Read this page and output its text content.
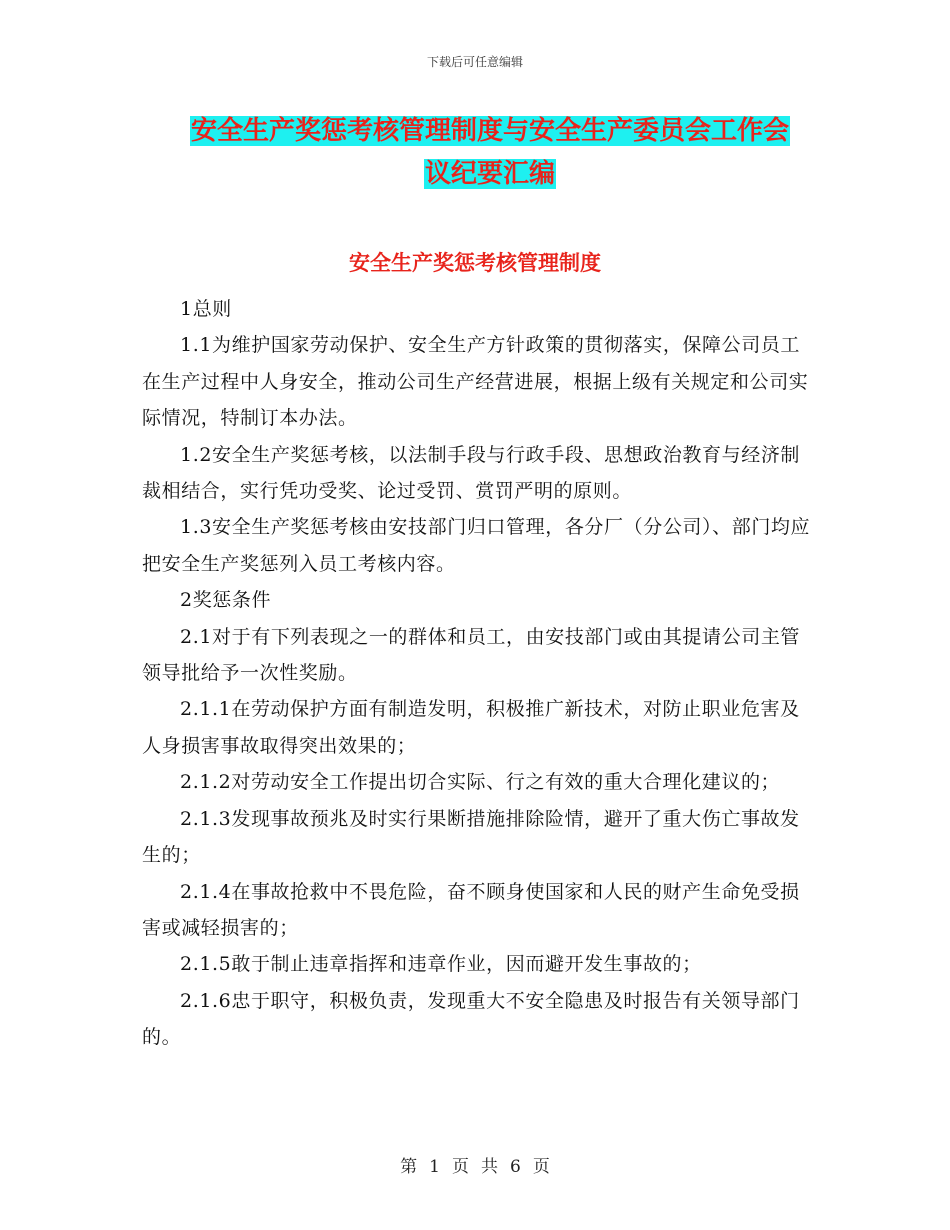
下载后可任意编辑
安全生产奖惩考核管理制度与安全生产委员会工作会
议纪要汇编
安全生产奖惩考核管理制度

1总则

1.1为维护国家劳动保护、安全生产方针政策的贯彻落实，保障公司员工在生产过程中人身安全，推动公司生产经营进展，根据上级有关规定和公司实际情况，特制订本办法。

1.2安全生产奖惩考核，以法制手段与行政手段、思想政治教育与经济制裁相结合，实行凭功受奖、论过受罚、赏罚严明的原则。

1.3安全生产奖惩考核由安技部门归口管理，各分厂（分公司）、部门均应把安全生产奖惩列入员工考核内容。

2奖惩条件

2.1对于有下列表现之一的群体和员工，由安技部门或由其提请公司主管领导批给予一次性奖励。

2.1.1在劳动保护方面有制造发明，积极推广新技术，对防止职业危害及人身损害事故取得突出效果的；

2.1.2对劳动安全工作提出切合实际、行之有效的重大合理化建议的；

2.1.3发现事故预兆及时实行果断措施排除险情，避开了重大伤亡事故发生的；

2.1.4在事故抢救中不畏危险，奋不顾身使国家和人民的财产生命免受损害或减轻损害的；

2.1.5敢于制止违章指挥和违章作业，因而避开发生事故的；

2.1.6忠于职守，积极负责，发现重大不安全隐患及时报告有关领导部门的。

第 1 页 共 6 页
